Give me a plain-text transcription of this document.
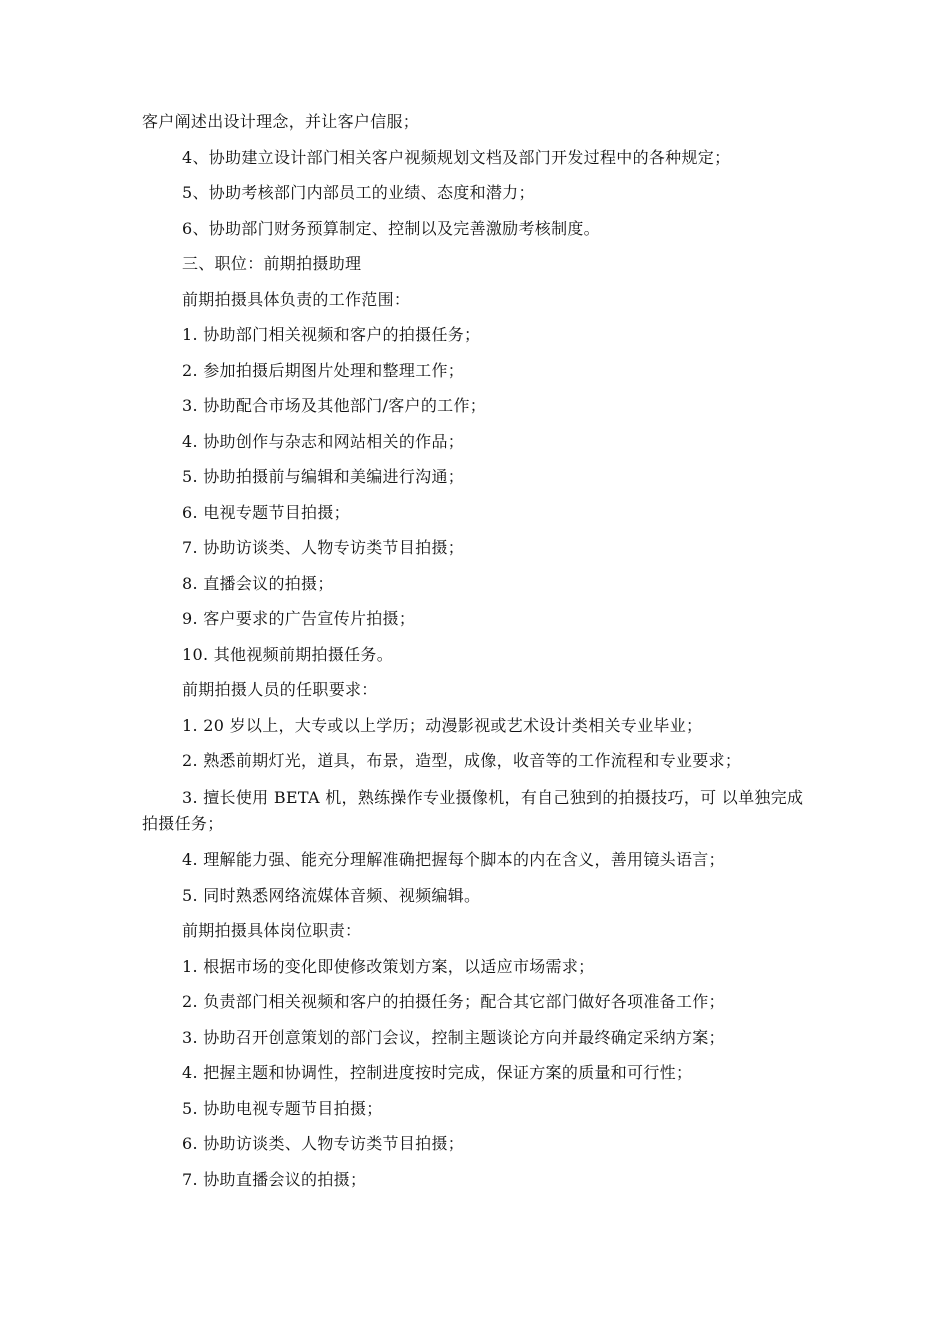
客户阐述出设计理念，并让客户信服；

4、协助建立设计部门相关客户视频规划文档及部门开发过程中的各种规定；

5、协助考核部门内部员工的业绩、态度和潜力；

6、协助部门财务预算制定、控制以及完善激励考核制度。

三、职位：前期拍摄助理

前期拍摄具体负责的工作范围：

1. 协助部门相关视频和客户的拍摄任务；

2. 参加拍摄后期图片处理和整理工作；

3. 协助配合市场及其他部门/客户的工作；

4. 协助创作与杂志和网站相关的作品；

5. 协助拍摄前与编辑和美编进行沟通；

6. 电视专题节目拍摄；

7. 协助访谈类、人物专访类节目拍摄；

8. 直播会议的拍摄；

9. 客户要求的广告宣传片拍摄；

10. 其他视频前期拍摄任务。

前期拍摄人员的任职要求：

1. 20 岁以上，大专或以上学历；动漫影视或艺术设计类相关专业毕业；

2. 熟悉前期灯光，道具，布景，造型，成像，收音等的工作流程和专业要求；

3. 擅长使用 BETA 机，熟练操作专业摄像机，有自己独到的拍摄技巧，可 以单独完成拍摄任务；

4. 理解能力强、能充分理解准确把握每个脚本的内在含义，善用镜头语言；

5. 同时熟悉网络流媒体音频、视频编辑。

前期拍摄具体岗位职责：

1. 根据市场的变化即使修改策划方案，以适应市场需求；

2. 负责部门相关视频和客户的拍摄任务；配合其它部门做好各项准备工作；

3. 协助召开创意策划的部门会议，控制主题谈论方向并最终确定采纳方案；

4. 把握主题和协调性，控制进度按时完成，保证方案的质量和可行性；

5. 协助电视专题节目拍摄；

6. 协助访谈类、人物专访类节目拍摄；

7. 协助直播会议的拍摄；
